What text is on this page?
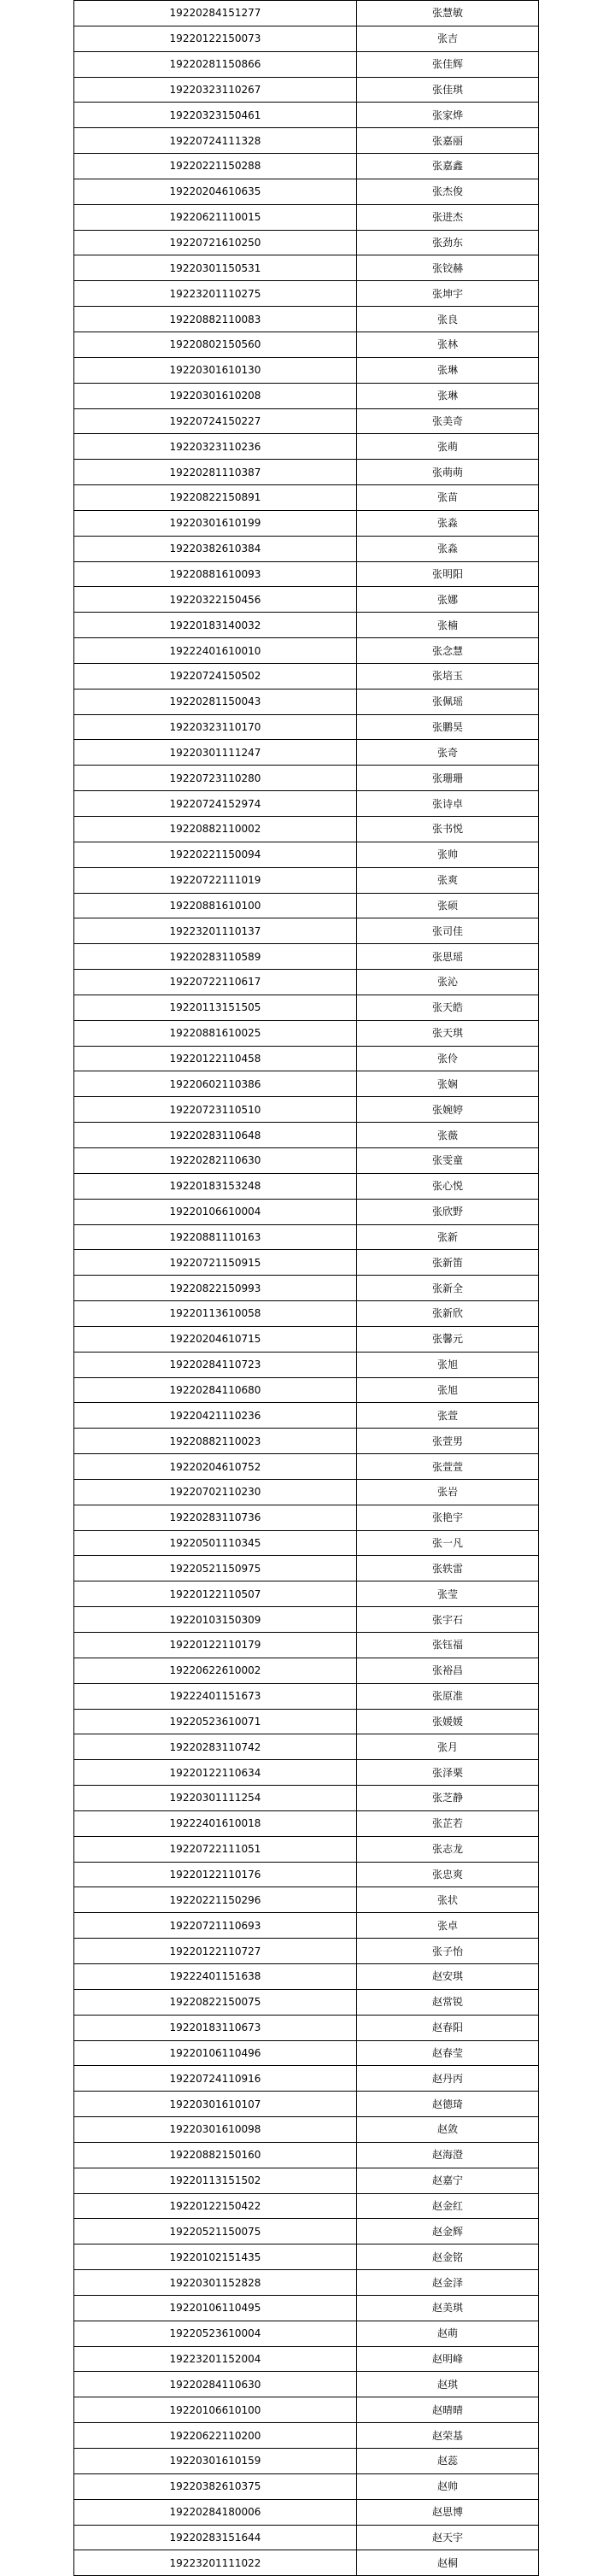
19220284151277	张慧敏
19220122150073	张吉
19220281150866	张佳辉
19220323110267	张佳琪
19220323150461	张家烨
19220724111328	张嘉丽
19220221150288	张嘉鑫
19220204610635	张杰俊
19220621110015	张进杰
19220721610250	张劲东
19220301150531	张铰赫
19223201110275	张坤宇
19220882110083	张良
19220802150560	张林
19220301610130	张琳
19220301610208	张琳
19220724150227	张美奇
19220323110236	张萌
19220281110387	张萌萌
19220822150891	张苗
19220301610199	张淼
19220382610384	张淼
19220881610093	张明阳
19220322150456	张娜
19220183140032	张楠
19222401610010	张念慧
19220724150502	张培玉
19220281150043	张佩瑶
19220323110170	张鹏昊
19220301111247	张奇
19220723110280	张珊珊
19220724152974	张诗卓
19220882110002	张书悦
19220221150094	张帅
19220722111019	张爽
19220881610100	张硕
19223201110137	张司佳
19220283110589	张思瑶
19220722110617	张沁
19220113151505	张天皓
19220881610025	张天琪
19220122110458	张伶
19220602110386	张娴
19220723110510	张婉婷
19220283110648	张薇
19220282110630	张雯童
19220183153248	张心悦
19220106610004	张欣野
19220881110163	张新
19220721150915	张新笛
19220822150993	张新全
19220113610058	张新欣
19220204610715	张馨元
19220284110723	张旭
19220284110680	张旭
19220421110236	张萱
19220882110023	张萱男
19220204610752	张萱萱
19220702110230	张岩
19220283110736	张艳宇
19220501110345	张一凡
19220521150975	张轶雷
19220122110507	张莹
19220103150309	张宇石
19220122110179	张钰福
19220622610002	张裕昌
19222401151673	张原准
19220523610071	张媛媛
19220283110742	张月
19220122110634	张泽栗
19220301111254	张芝静
19222401610018	张芷若
19220722111051	张志龙
19220122110176	张忠爽
19220221150296	张状
19220721110693	张卓
19220122110727	张子怡
19222401151638	赵安琪
19220822150075	赵常锐
19220183110673	赵春阳
19220106110496	赵春莹
19220724110916	赵丹丙
19220301610107	赵德琦
19220301610098	赵敛
19220882150160	赵海澄
19220113151502	赵嘉宁
19220122150422	赵金红
19220521150075	赵金辉
19220102151435	赵金铭
19220301152828	赵金泽
19220106110495	赵美琪
19220523610004	赵萌
19223201152004	赵明峰
19220284110630	赵琪
19220106610100	赵晴晴
19220622110200	赵荣基
19220301610159	赵蕊
19220382610375	赵帅
19220284180006	赵思博
19220283151644	赵天宇
19223201111022	赵桐
